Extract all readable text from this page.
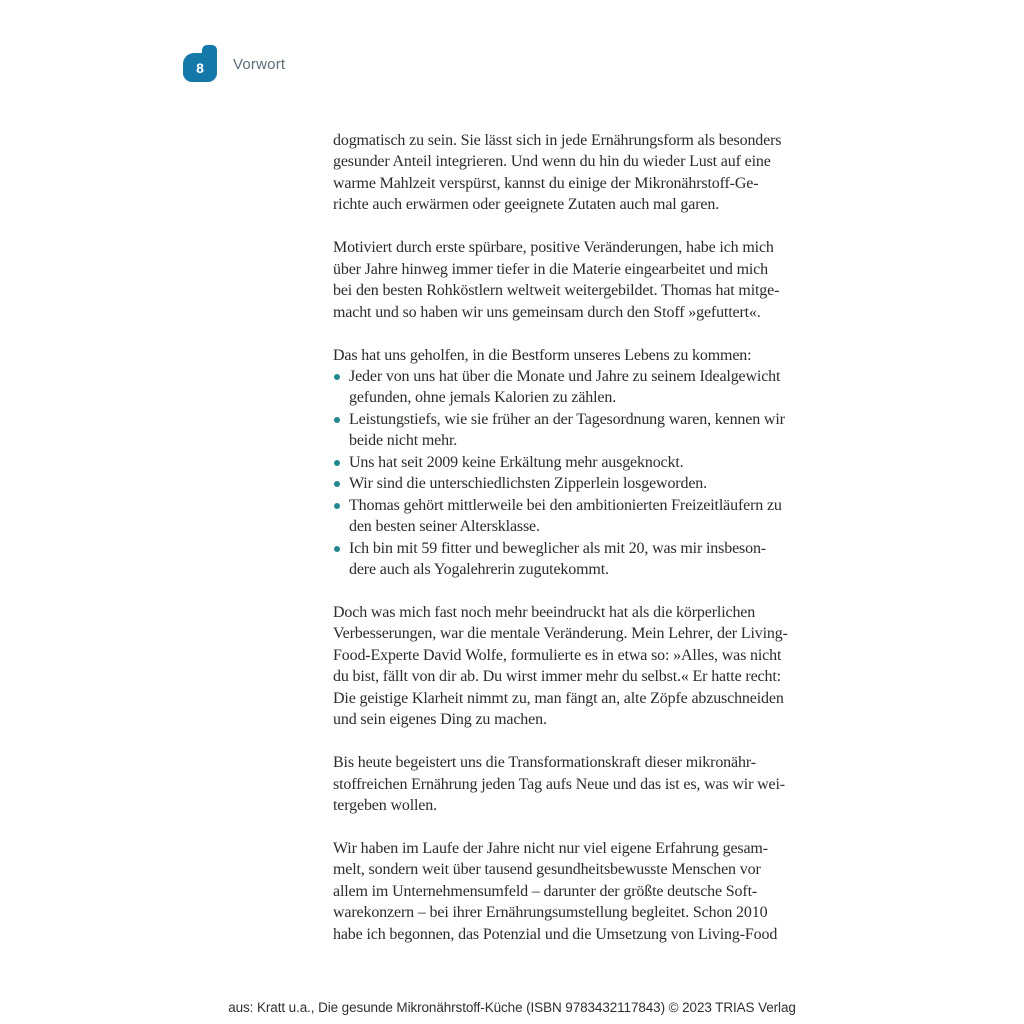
8 Vorwort
dogmatisch zu sein. Sie lässt sich in jede Ernährungsform als besonders
gesunder Anteil integrieren. Und wenn du hin du wieder Lust auf eine
warme Mahlzeit verspürst, kannst du einige der Mikronährstoff-Ge-
richte auch erwärmen oder geeignete Zutaten auch mal garen.
Motiviert durch erste spürbare, positive Veränderungen, habe ich mich
über Jahre hinweg immer tiefer in die Materie eingearbeitet und mich
bei den besten Rohköstlern weltweit weitergebildet. Thomas hat mitge-
macht und so haben wir uns gemeinsam durch den Stoff »gefuttert«.
Das hat uns geholfen, in die Bestform unseres Lebens zu kommen:
Jeder von uns hat über die Monate und Jahre zu seinem Idealgewicht
gefunden, ohne jemals Kalorien zu zählen.
Leistungstiefs, wie sie früher an der Tagesordnung waren, kennen wir
beide nicht mehr.
Uns hat seit 2009 keine Erkältung mehr ausgeknockt.
Wir sind die unterschiedlichsten Zipperlein losgeworden.
Thomas gehört mittlerweile bei den ambitionierten Freizeitläufern zu
den besten seiner Altersklasse.
Ich bin mit 59 fitter und beweglicher als mit 20, was mir insbeson-
dere auch als Yogalehrerin zugutekommt.
Doch was mich fast noch mehr beeindruckt hat als die körperlichen
Verbesserungen, war die mentale Veränderung. Mein Lehrer, der Living-
Food-Experte David Wolfe, formulierte es in etwa so: »Alles, was nicht
du bist, fällt von dir ab. Du wirst immer mehr du selbst.« Er hatte recht:
Die geistige Klarheit nimmt zu, man fängt an, alte Zöpfe abzuschneiden
und sein eigenes Ding zu machen.
Bis heute begeistert uns die Transformationskraft dieser mikronähr-
stoffreichen Ernährung jeden Tag aufs Neue und das ist es, was wir wei-
tergeben wollen.
Wir haben im Laufe der Jahre nicht nur viel eigene Erfahrung gesam-
melt, sondern weit über tausend gesundheitsbewusste Menschen vor
allem im Unternehmensumfeld – darunter der größte deutsche Soft-
warekonzern – bei ihrer Ernährungsumstellung begleitet. Schon 2010
habe ich begonnen, das Potenzial und die Umsetzung von Living-Food
aus: Kratt u.a., Die gesunde Mikronährstoff-Küche (ISBN 9783432117843) © 2023 TRIAS Verlag
